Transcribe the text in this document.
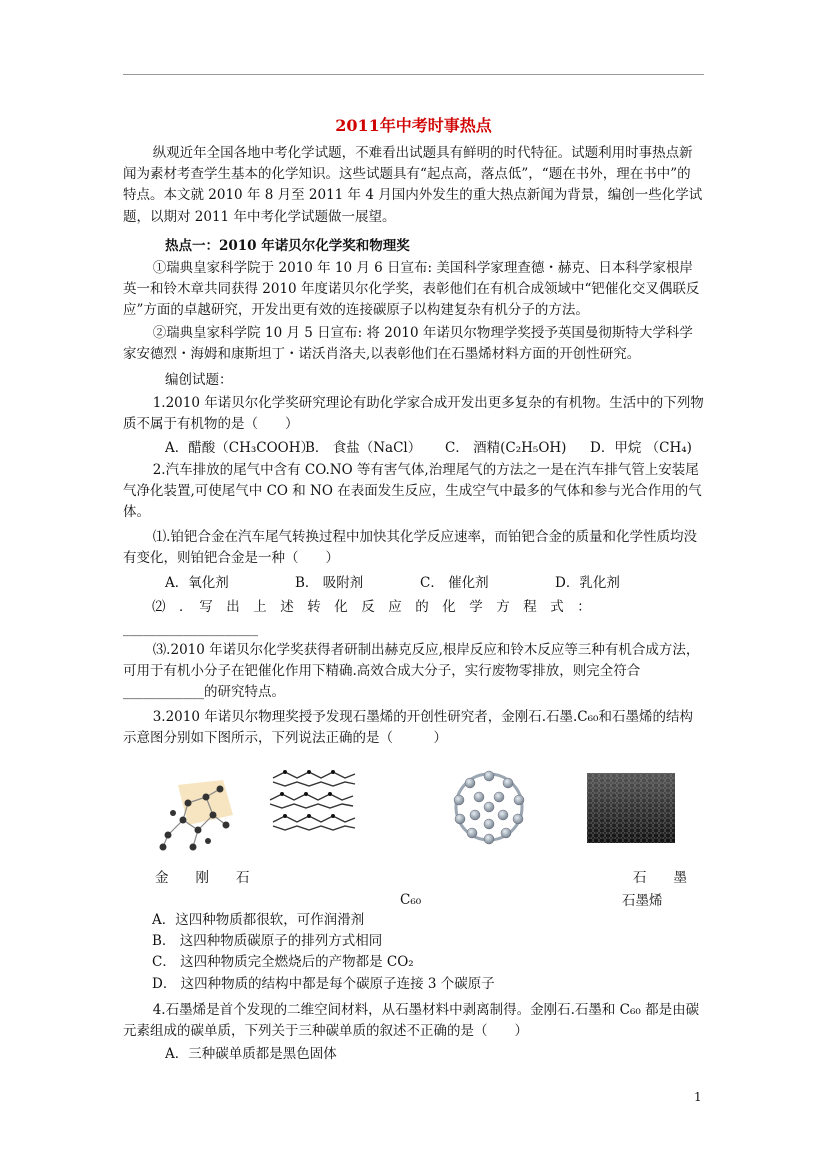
2011年中考时事热点

纵观近年全国各地中考化学试题，不难看出试题具有鲜明的时代特征。试题利用时事热点新闻为素材考查学生基本的化学知识。这些试题具有“起点高，落点低”，“题在书外，理在书中”的特点。本文就 2010 年 8 月至 2011 年 4 月国内外发生的重大热点新闻为背景，编创一些化学试题，以期对 2011 年中考化学试题做一展望。

热点一：2010 年诺贝尔化学奖和物理奖

①瑞典皇家科学院于 2010 年 10 月 6 日宣布: 美国科学家理查德・赫克、日本科学家根岸英一和铃木章共同获得 2010 年度诺贝尔化学奖，表彰他们在有机合成领域中“钯催化交叉偶联反应”方面的卓越研究，开发出更有效的连接碳原子以构建复杂有机分子的方法。

②瑞典皇家科学院 10 月 5 日宣布: 将 2010 年诺贝尔物理学奖授予英国曼彻斯特大学科学家安德烈・海姆和康斯坦丁・诺沃肖洛夫,以表彰他们在石墨烯材料方面的开创性研究。

编创试题：

1.2010 年诺贝尔化学奖研究理论有助化学家合成开发出更多复杂的有机物。生活中的下列物质不属于有机物的是（　　）

A．醋酸（CH₃COOH）B． 食盐（NaCl） C． 酒精(C₂H₅OH) D．甲烷 （CH₄)

2.汽车排放的尾气中含有 CO.NO 等有害气体,治理尾气的方法之一是在汽车排气管上安装尾气净化装置,可使尾气中 CO 和 NO 在表面发生反应，生成空气中最多的气体和参与光合作用的气体。

⑴.铂钯合金在汽车尾气转换过程中加快其化学反应速率，而铂钯合金的质量和化学性质均没有变化，则铂钯合金是一种（　　）

A．氧化剂	B． 吸附剂	C． 催化剂	D．乳化剂

⑵　．　写　出　上　述　转　化　反　应　的　化　学　方　程　式　：

____________________

⑶.2010 年诺贝尔化学奖获得者研制出赫克反应,根岸反应和铃木反应等三种有机合成方法，可用于有机小分子在钯催化作用下精确.高效合成大分子，实行废物零排放，则完全符合　____________的研究特点。

3.2010 年诺贝尔物理奖授予发现石墨烯的开创性研究者，金刚石.石墨.C₆₀和石墨烯的结构示意图分别如下图所示，下列说法正确的是（　　　）

金　　刚　　石	石　　墨
C₆₀	石墨烯
A．这四种物质都很软，可作润滑剂
B． 这四种物质碳原子的排列方式相同
C． 这四种物质完全燃烧后的产物都是 CO₂
D． 这四种物质的结构中都是每个碳原子连接 3 个碳原子

4.石墨烯是首个发现的二维空间材料，从石墨材料中剥离制得。金刚石.石墨和 C₆₀ 都是由碳元素组成的碳单质，下列关于三种碳单质的叙述不正确的是（　　）

A．三种碳单质都是黑色固体

1
